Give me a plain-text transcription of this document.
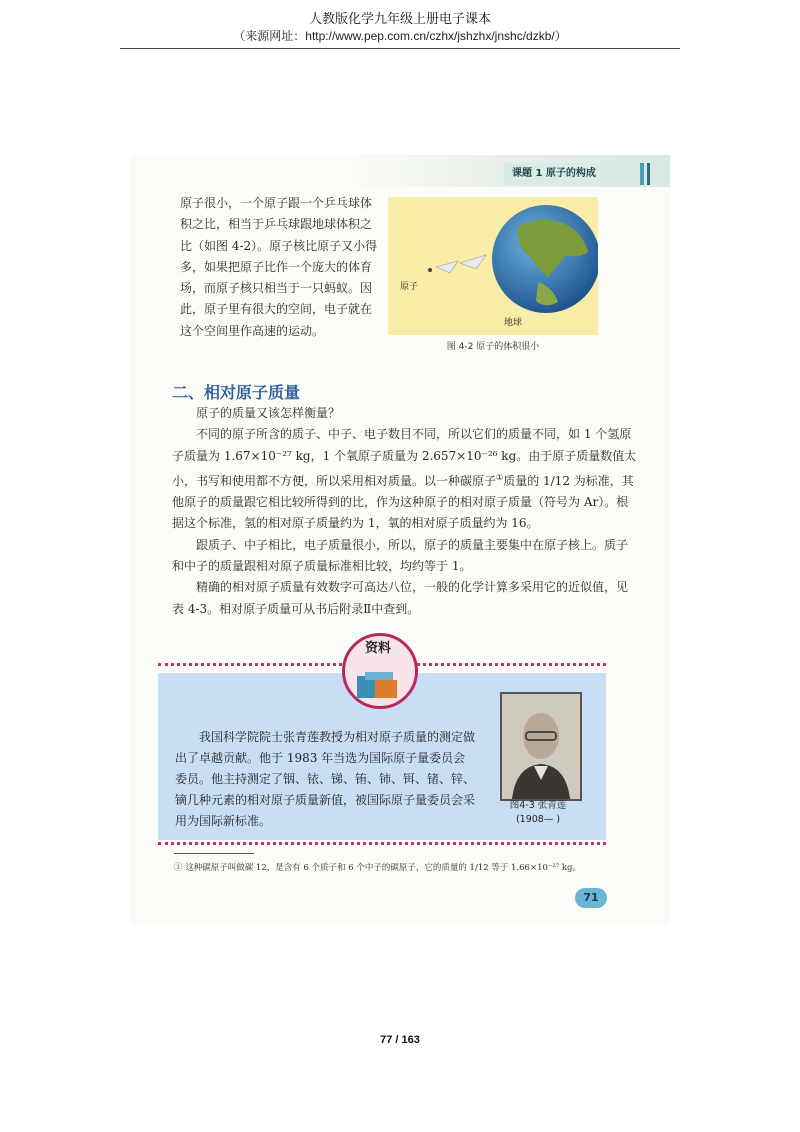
人教版化学九年级上册电子课本
（来源网址：http://www.pep.com.cn/czhx/jshzhx/jnshc/dzkb/）
课题 1 原子的构成

原子很小，一个原子跟一个乒乓球体积之比，相当于乒乓球跟地球体积之比（如图 4-2）。原子核比原子又小得多，如果把原子比作一个庞大的体育场，而原子核只相当于一只蚂蚁。因此，原子里有很大的空间，电子就在这个空间里作高速的运动。

原子
地球
图 4-2 原子的体积很小
二、相对原子质量

原子的质量又该怎样衡量？

不同的原子所含的质子、中子、电子数目不同，所以它们的质量不同，如 1 个氢原子质量为 1.67×10⁻²⁷ kg，1 个氧原子质量为 2.657×10⁻²⁶ kg。由于原子质量数值太小，书写和使用都不方便，所以采用相对质量。以一种碳原子①质量的 1/12 为标准，其他原子的质量跟它相比较所得到的比，作为这种原子的相对原子质量（符号为 Ar）。根据这个标准，氢的相对原子质量约为 1，氧的相对原子质量约为 16。

跟质子、中子相比，电子质量很小，所以，原子的质量主要集中在原子核上。质子和中子的质量跟相对原子质量标准相比较，均约等于 1。

精确的相对原子质量有效数字可高达八位，一般的化学计算多采用它的近似值，见表 4-3。相对原子质量可从书后附录Ⅱ中查到。

资料

我国科学院院士张青莲教授为相对原子质量的测定做出了卓越贡献。他于 1983 年当选为国际原子量委员会委员。他主持测定了铟、铱、锑、铕、铈、铒、锗、锌、镝几种元素的相对原子质量新值，被国际原子量委员会采用为国际新标准。

图4-3 张青莲
(1908— )
① 这种碳原子叫做碳 12，是含有 6 个质子和 6 个中子的碳原子，它的质量的 1/12 等于 1.66×10⁻²⁷ kg。
71
77 / 163
